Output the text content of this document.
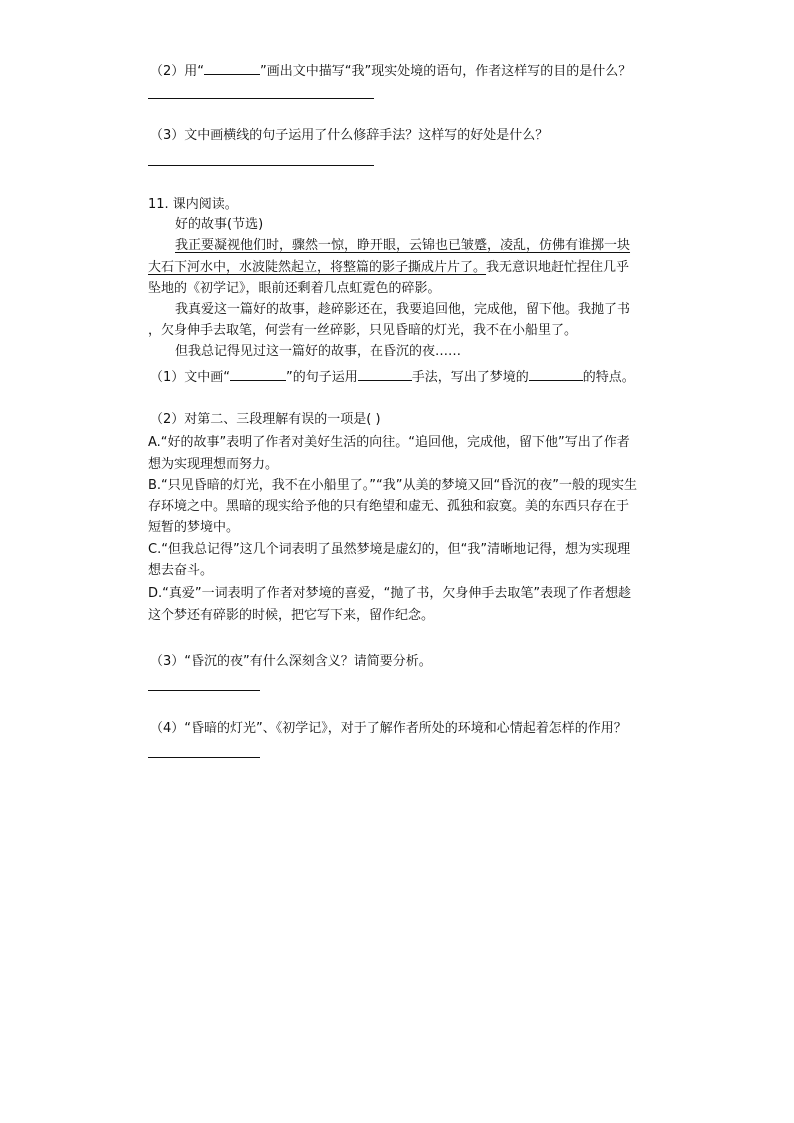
（2）用“	”画出文中描写“我”现实处境的语句，作者这样写的目的是什么？
（3）文中画横线的句子运用了什么修辞手法？这样写的好处是什么？
11. 课内阅读。
好的故事(节选)
我正要凝视他们时，骤然一惊，睁开眼，云锦也已皱蹙，凌乱，仿佛有谁掷一块
大石下河水中，水波陡然起立，将整篇的影子撕成片片了。我无意识地赶忙捏住几乎
坠地的《初学记》，眼前还剩着几点虹霓色的碎影。
我真爱这一篇好的故事，趁碎影还在，我要追回他，完成他，留下他。我抛了书
，欠身伸手去取笔，何尝有一丝碎影，只见昏暗的灯光，我不在小船里了。
但我总记得见过这一篇好的故事，在昏沉的夜……
（1）文中画“	”的句子运用	手法，写出了梦境的	的特点。
（2）对第二、三段理解有误的一项是( )
A.“好的故事”表明了作者对美好生活的向往。“追回他，完成他，留下他”写出了作者
想为实现理想而努力。
B.“只见昏暗的灯光，我不在小船里了。”“我”从美的梦境又回“昏沉的夜”一般的现实生
存环境之中。黑暗的现实给予他的只有绝望和虚无、孤独和寂寞。美的东西只存在于
短暂的梦境中。
C.“但我总记得”这几个词表明了虽然梦境是虚幻的，但“我”清晰地记得，想为实现理
想去奋斗。
D.“真爱”一词表明了作者对梦境的喜爱，“抛了书，欠身伸手去取笔”表现了作者想趁
这个梦还有碎影的时候，把它写下来，留作纪念。
（3）“昏沉的夜”有什么深刻含义？请简要分析。
（4）“昏暗的灯光”、《初学记》，对于了解作者所处的环境和心情起着怎样的作用？
